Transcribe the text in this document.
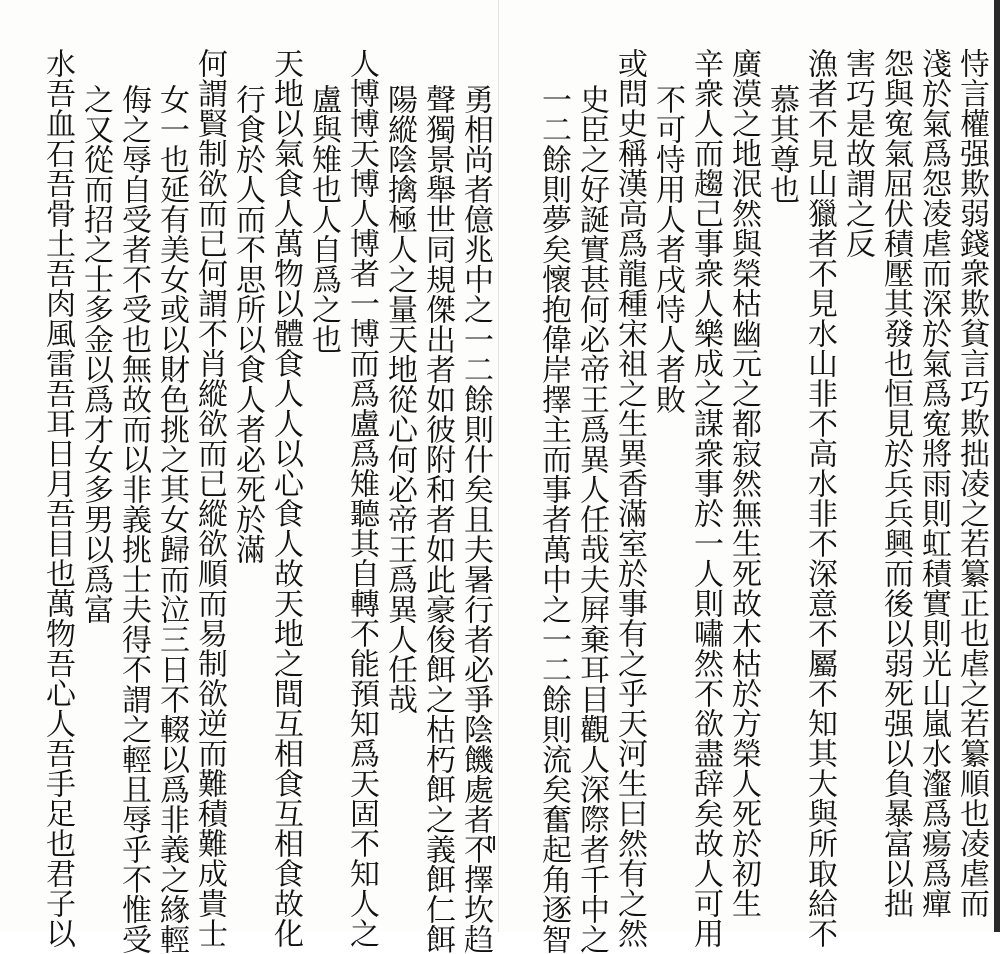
恃言權强欺弱錢衆欺貧言巧欺拙凌之若纂正也虐之若纂順也凌虐而
淺於氣爲怨凌虐而深於氣爲寃將雨則虹積實則光山嵐水瀣爲瘍爲癉
怨與寃氣屈伏積壓其發也恒見於兵兵興而後以弱死强以負暴富以拙
害巧是故謂之反
漁者不見山獵者不見水山非不高水非不深意不屬不知其大與所取給不
慕其尊也
廣漠之地泯然與榮枯幽元之都寂然無生死故木枯於方榮人死於初生
辛衆人而趨己事衆人樂成之謀衆事於一人則嘯然不欲盡辞矣故人可用
不可恃用人者戌恃人者敗
或問史稱漢高爲龍種宋祖之生異香滿室於事有之乎天河生曰然有之然
史臣之好誕實甚何必帝王爲異人任哉夫屛棄耳目觀人深際者千中之
一二餘則夢矣懷抱偉岸擇主而事者萬中之一二餘則流矣奮起角逐智
勇相尚者億兆中之一二餘則什矣且夫暑行者必爭陰饑處者不擇坎趋
聲獨景舉世同規傑出者如彼附和者如此豪俊餌之枯朽餌之義餌仁餌
陽縱陰擒極人之量天地從心何必帝王爲異人任哉
人博博天博人博者一博而爲盧爲雉聽其自轉不能預知爲天固不知人之
盧與雉也人自爲之也
天地以氣食人萬物以體食人人以心食人故天地之間互相食互相食故化
行食於人而不思所以食人者必死於滿
何謂賢制欲而已何謂不肖縱欲而已縱欲順而易制欲逆而難積難成貴士
女一也延有美女或以財色挑之其女歸而泣三日不輟以爲非義之緣輕
侮之辱自受者不受也無故而以非義挑士夫得不謂之輕且辱乎不惟受
之又從而招之士多金以爲才女多男以爲富
水吾血石吾骨土吾肉風雷吾耳日月吾目也萬物吾心人吾手足也君子以
